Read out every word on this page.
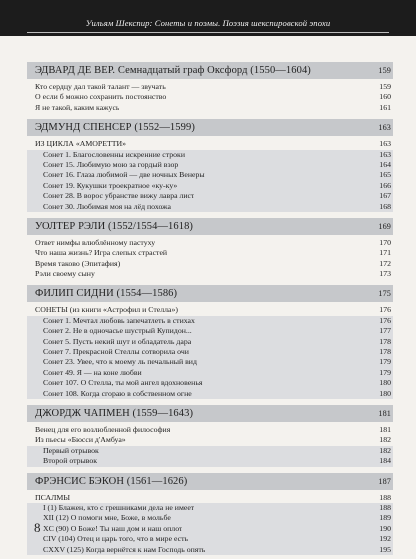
Уильям Шекспир: Сонеты и поэмы. Поэзия шекспировской эпохи
ЭДВАРД ДЕ ВЕР. Семнадцатый граф Оксфорд (1550—1604)	159
Кто сердцу дал такой талант — звучать	159
О если б можно сохранить постоянство	160
Я не такой, каким кажусь	161
ЭДМУНД СПЕНСЕР (1552—1599)	163
ИЗ ЦИКЛА «АМОРЕТТИ»	163
Сонет 1. Благословенны искренние строки	163
Сонет 15. Любимую мою за гордый взор	164
Сонет 16. Глаза любимой — две ночных Венеры	165
Сонет 19. Кукушки троекратное «ку-ку»	166
Сонет 28. В ворос убранстве вижу лавра лист	167
Сонет 30. Любимая моя на лёд похожа	168
УОЛТЕР РЭЛИ (1552/1554—1618)	169
Ответ нимфы влюблённому пастуху	170
Что наша жизнь? Игра слепых страстей	171
Время таково (Эпитафия)	172
Рэли своему сыну	173
ФИЛИП СИДНИ (1554—1586)	175
СОНЕТЫ (из книги «Астрофил и Стелла»)	176
Сонет 1. Мечтал любовь запечатлеть в стихах	176
Сонет 2. Не в одночасье шустрый Купидон...	177
Сонет 5. Пусть некий шут и обладатель дара	178
Сонет 7. Прекрасной Стеллы сотворила очи	178
Сонет 23. Увее, что к моему ль печальный вид	179
Сонет 49. Я — на коне любви	179
Сонет 107. О Стелла, ты мой ангел вдохновенья	180
Сонет 108. Когда сгораю в собственном огне	180
ДЖОРДЖ ЧАПМЕН (1559—1643)	181
Венец для его возлюбленной философия	181
Из пьесы «Бюсси д'Амбуа»	182
Первый отрывок	182
Второй отрывок	184
ФРЭНСИС БЭКОН (1561—1626)	187
ПСАЛМЫ	188
I (1) Блажен, кто с грешниками дела не имеет	188
XII (12) О помоги мне, Боже, в мольбе	189
XC (90) О Боже! Ты наш дом и наш оплот	190
CIV (104) Отец и царь того, что в мире есть	192
CXXV (125) Когда вернётся к нам Господь опять	195
8
